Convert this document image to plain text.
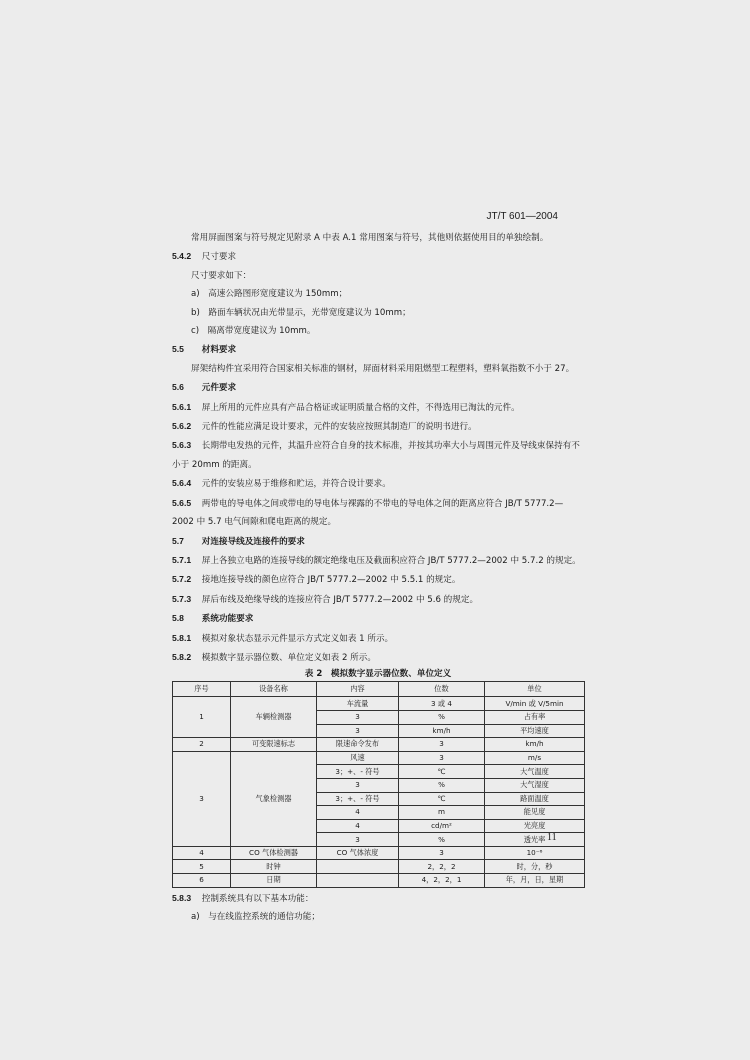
JT/T 601—2004
常用屏面图案与符号规定见附录 A 中表 A.1 常用图案与符号，其他则依据使用目的单独绘制。
5.4.2 尺寸要求
尺寸要求如下：
a)　高速公路图形宽度建议为 150mm；
b)　路面车辆状况由光带显示，光带宽度建议为 10mm；
c)　隔离带宽度建议为 10mm。
5.5 材料要求
屏架结构件宜采用符合国家相关标准的钢材，屏面材料采用阻燃型工程塑料，塑料氧指数不小于 27。
5.6 元件要求
5.6.1 屏上所用的元件应具有产品合格证或证明质量合格的文件，不得选用已淘汰的元件。
5.6.2 元件的性能应满足设计要求，元件的安装应按照其制造厂的说明书进行。
5.6.3 长期带电发热的元件，其温升应符合自身的技术标准，并按其功率大小与周围元件及导线束保持有不小于 20mm 的距离。
5.6.4 元件的安装应易于维修和贮运，并符合设计要求。
5.6.5 两带电的导电体之间或带电的导电体与裸露的不带电的导电体之间的距离应符合 JB/T 5777.2—2002 中 5.7 电气间隙和爬电距离的规定。
5.7 对连接导线及连接件的要求
5.7.1 屏上各独立电路的连接导线的额定绝缘电压及截面积应符合 JB/T 5777.2—2002 中 5.7.2 的规定。
5.7.2 接地连接导线的颜色应符合 JB/T 5777.2—2002 中 5.5.1 的规定。
5.7.3 屏后布线及绝缘导线的连接应符合 JB/T 5777.2—2002 中 5.6 的规定。
5.8 系统功能要求
5.8.1 模拟对象状态显示元件显示方式定义如表 1 所示。
5.8.2 模拟数字显示器位数、单位定义如表 2 所示。
表 2　模拟数字显示器位数、单位定义
序号	设备名称	内容	位数	单位
1	车辆检测器	车流量	3 或 4	V/min 或 V/5min
		3	%	占有率
		3	km/h	平均速度
2	可变限速标志	限速命令发布	3	km/h
3	气象检测器	风速	3	m/s
		3；+、- 符号	℃	大气温度
		3	%	大气湿度
		3；+、- 符号	℃	路面温度
		4	m	能见度
		4	cd/m²	光亮度
		3	%	透光率
4	CO 气体检测器	CO 气体浓度	3	10⁻⁶
5	时钟		2，2，2	时，分，秒
6	日期		4，2，2，1	年，月，日，星期
5.8.3 控制系统具有以下基本功能：
a)　与在线监控系统的通信功能；
11
